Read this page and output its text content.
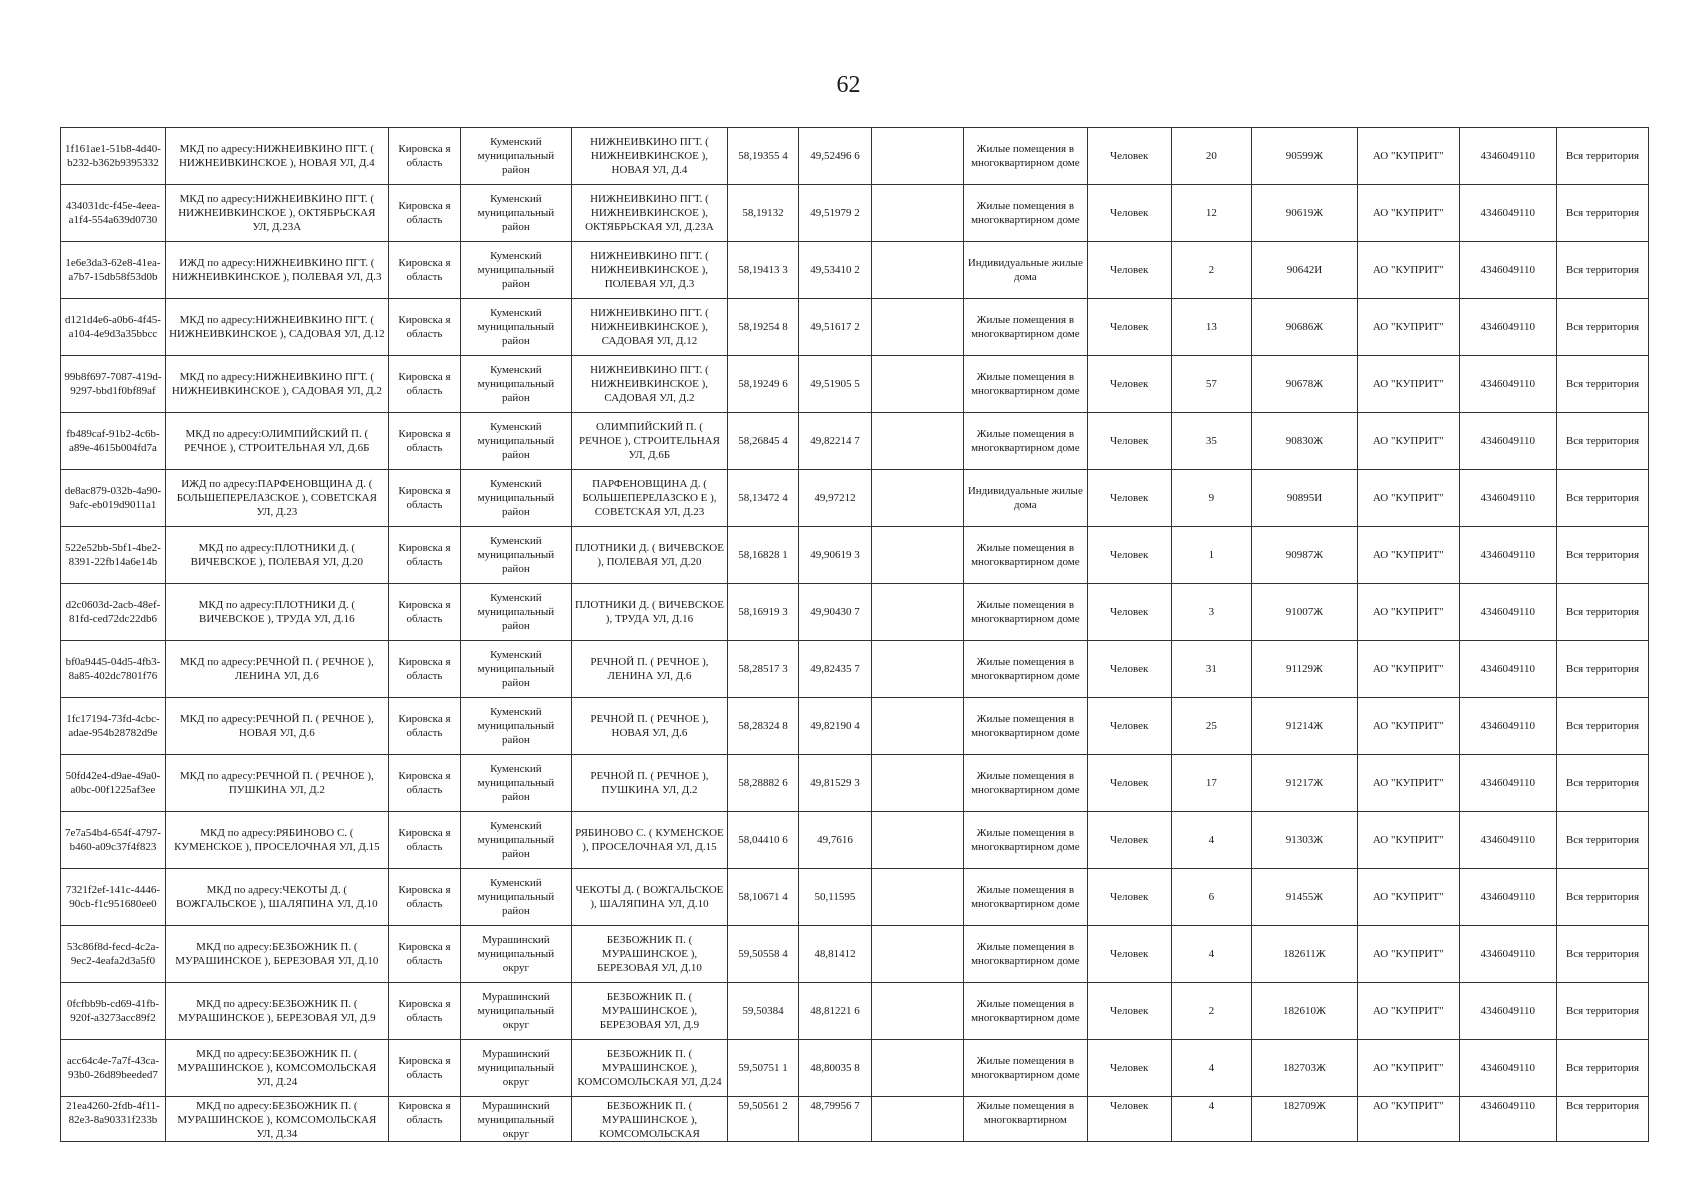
62
1f161ae1-51b8-4d40-b232-b362b9395332	МКД по адресу:НИЖНЕИВКИНО ПГТ. ( НИЖНЕИВКИНСКОЕ ), НОВАЯ УЛ, Д.4	Кировска я область	Куменский муниципальный район	НИЖНЕИВКИНО ПГТ. ( НИЖНЕИВКИНСКОЕ ), НОВАЯ УЛ, Д.4	58,19355 4	49,52496 6		Жилые помещения в многоквартирном доме	Человек	20	90599Ж	АО "КУПРИТ"	4346049110	Вся территория
434031dc-f45e-4eea-a1f4-554a639d0730	МКД по адресу:НИЖНЕИВКИНО ПГТ. ( НИЖНЕИВКИНСКОЕ ), ОКТЯБРЬСКАЯ УЛ, Д.23А	Кировска я область	Куменский муниципальный район	НИЖНЕИВКИНО ПГТ. ( НИЖНЕИВКИНСКОЕ ), ОКТЯБРЬСКАЯ УЛ, Д.23А	58,19132	49,51979 2		Жилые помещения в многоквартирном доме	Человек	12	90619Ж	АО "КУПРИТ"	4346049110	Вся территория
1e6e3da3-62e8-41ea-a7b7-15db58f53d0b	ИЖД по адресу:НИЖНЕИВКИНО ПГТ. ( НИЖНЕИВКИНСКОЕ ), ПОЛЕВАЯ УЛ, Д.3	Кировска я область	Куменский муниципальный район	НИЖНЕИВКИНО ПГТ. ( НИЖНЕИВКИНСКОЕ ), ПОЛЕВАЯ УЛ, Д.3	58,19413 3	49,53410 2		Индивидуальные жилые дома	Человек	2	90642И	АО "КУПРИТ"	4346049110	Вся территория
d121d4e6-a0b6-4f45-a104-4e9d3a35bbcc	МКД по адресу:НИЖНЕИВКИНО ПГТ. ( НИЖНЕИВКИНСКОЕ ), САДОВАЯ УЛ, Д.12	Кировска я область	Куменский муниципальный район	НИЖНЕИВКИНО ПГТ. ( НИЖНЕИВКИНСКОЕ ), САДОВАЯ УЛ, Д.12	58,19254 8	49,51617 2		Жилые помещения в многоквартирном доме	Человек	13	90686Ж	АО "КУПРИТ"	4346049110	Вся территория
99b8f697-7087-419d-9297-bbd1f0bf89af	МКД по адресу:НИЖНЕИВКИНО ПГТ. ( НИЖНЕИВКИНСКОЕ ), САДОВАЯ УЛ, Д.2	Кировска я область	Куменский муниципальный район	НИЖНЕИВКИНО ПГТ. ( НИЖНЕИВКИНСКОЕ ), САДОВАЯ УЛ, Д.2	58,19249 6	49,51905 5		Жилые помещения в многоквартирном доме	Человек	57	90678Ж	АО "КУПРИТ"	4346049110	Вся территория
fb489caf-91b2-4c6b-a89e-4615b004fd7a	МКД по адресу:ОЛИМПИЙСКИЙ П. ( РЕЧНОЕ ), СТРОИТЕЛЬНАЯ УЛ, Д.6Б	Кировска я область	Куменский муниципальный район	ОЛИМПИЙСКИЙ П. ( РЕЧНОЕ ), СТРОИТЕЛЬНАЯ УЛ, Д.6Б	58,26845 4	49,82214 7		Жилые помещения в многоквартирном доме	Человек	35	90830Ж	АО "КУПРИТ"	4346049110	Вся территория
de8ac879-032b-4a90-9afc-eb019d9011a1	ИЖД по адресу:ПАРФЕНОВЩИНА Д. ( БОЛЬШЕПЕРЕЛАЗСКОЕ ), СОВЕТСКАЯ УЛ, Д.23	Кировска я область	Куменский муниципальный район	ПАРФЕНОВЩИНА Д. ( БОЛЬШЕПЕРЕЛАЗСКО Е ), СОВЕТСКАЯ УЛ, Д.23	58,13472 4	49,97212		Индивидуальные жилые дома	Человек	9	90895И	АО "КУПРИТ"	4346049110	Вся территория
522e52bb-5bf1-4be2-8391-22fb14a6e14b	МКД по адресу:ПЛОТНИКИ Д. ( ВИЧЕВСКОЕ ), ПОЛЕВАЯ УЛ, Д.20	Кировска я область	Куменский муниципальный район	ПЛОТНИКИ Д. ( ВИЧЕВСКОЕ ), ПОЛЕВАЯ УЛ, Д.20	58,16828 1	49,90619 3		Жилые помещения в многоквартирном доме	Человек	1	90987Ж	АО "КУПРИТ"	4346049110	Вся территория
d2c0603d-2acb-48ef-81fd-ced72dc22db6	МКД по адресу:ПЛОТНИКИ Д. ( ВИЧЕВСКОЕ ), ТРУДА УЛ, Д.16	Кировска я область	Куменский муниципальный район	ПЛОТНИКИ Д. ( ВИЧЕВСКОЕ ), ТРУДА УЛ, Д.16	58,16919 3	49,90430 7		Жилые помещения в многоквартирном доме	Человек	3	91007Ж	АО "КУПРИТ"	4346049110	Вся территория
bf0a9445-04d5-4fb3-8a85-402dc7801f76	МКД по адресу:РЕЧНОЙ П. ( РЕЧНОЕ ), ЛЕНИНА УЛ, Д.6	Кировска я область	Куменский муниципальный район	РЕЧНОЙ П. ( РЕЧНОЕ ), ЛЕНИНА УЛ, Д.6	58,28517 3	49,82435 7		Жилые помещения в многоквартирном доме	Человек	31	91129Ж	АО "КУПРИТ"	4346049110	Вся территория
1fc17194-73fd-4cbc-adae-954b28782d9e	МКД по адресу:РЕЧНОЙ П. ( РЕЧНОЕ ), НОВАЯ УЛ, Д.6	Кировска я область	Куменский муниципальный район	РЕЧНОЙ П. ( РЕЧНОЕ ), НОВАЯ УЛ, Д.6	58,28324 8	49,82190 4		Жилые помещения в многоквартирном доме	Человек	25	91214Ж	АО "КУПРИТ"	4346049110	Вся территория
50fd42e4-d9ae-49a0-a0bc-00f1225af3ee	МКД по адресу:РЕЧНОЙ П. ( РЕЧНОЕ ), ПУШКИНА УЛ, Д.2	Кировска я область	Куменский муниципальный район	РЕЧНОЙ П. ( РЕЧНОЕ ), ПУШКИНА УЛ, Д.2	58,28882 6	49,81529 3		Жилые помещения в многоквартирном доме	Человек	17	91217Ж	АО "КУПРИТ"	4346049110	Вся территория
7e7a54b4-654f-4797-b460-a09c37f4f823	МКД по адресу:РЯБИНОВО С. ( КУМЕНСКОЕ ), ПРОСЕЛОЧНАЯ УЛ, Д.15	Кировска я область	Куменский муниципальный район	РЯБИНОВО С. ( КУМЕНСКОЕ ), ПРОСЕЛОЧНАЯ УЛ, Д.15	58,04410 6	49,7616		Жилые помещения в многоквартирном доме	Человек	4	91303Ж	АО "КУПРИТ"	4346049110	Вся территория
7321f2ef-141c-4446-90cb-f1c951680ee0	МКД по адресу:ЧЕКОТЫ Д. ( ВОЖГАЛЬСКОЕ ), ШАЛЯПИНА УЛ, Д.10	Кировска я область	Куменский муниципальный район	ЧЕКОТЫ Д. ( ВОЖГАЛЬСКОЕ ), ШАЛЯПИНА УЛ, Д.10	58,10671 4	50,11595		Жилые помещения в многоквартирном доме	Человек	6	91455Ж	АО "КУПРИТ"	4346049110	Вся территория
53c86f8d-fecd-4c2a-9ec2-4eafa2d3a5f0	МКД по адресу:БЕЗБОЖНИК П. ( МУРАШИНСКОЕ ), БЕРЕЗОВАЯ УЛ, Д.10	Кировска я область	Мурашинский муниципальный округ	БЕЗБОЖНИК П. ( МУРАШИНСКОЕ ), БЕРЕЗОВАЯ УЛ, Д.10	59,50558 4	48,81412		Жилые помещения в многоквартирном доме	Человек	4	182611Ж	АО "КУПРИТ"	4346049110	Вся территория
0fcfbb9b-cd69-41fb-920f-a3273acc89f2	МКД по адресу:БЕЗБОЖНИК П. ( МУРАШИНСКОЕ ), БЕРЕЗОВАЯ УЛ, Д.9	Кировска я область	Мурашинский муниципальный округ	БЕЗБОЖНИК П. ( МУРАШИНСКОЕ ), БЕРЕЗОВАЯ УЛ, Д.9	59,50384	48,81221 6		Жилые помещения в многоквартирном доме	Человек	2	182610Ж	АО "КУПРИТ"	4346049110	Вся территория
acc64c4e-7a7f-43ca-93b0-26d89beeded7	МКД по адресу:БЕЗБОЖНИК П. ( МУРАШИНСКОЕ ), КОМСОМОЛЬСКАЯ УЛ, Д.24	Кировска я область	Мурашинский муниципальный округ	БЕЗБОЖНИК П. ( МУРАШИНСКОЕ ), КОМСОМОЛЬСКАЯ УЛ, Д.24	59,50751 1	48,80035 8		Жилые помещения в многоквартирном доме	Человек	4	182703Ж	АО "КУПРИТ"	4346049110	Вся территория
21ea4260-2fdb-4f11-82e3-8a90331f233b	МКД по адресу:БЕЗБОЖНИК П. ( МУРАШИНСКОЕ ), КОМСОМОЛЬСКАЯ УЛ, Д.34	Кировска я область	Мурашинский муниципальный округ	БЕЗБОЖНИК П. ( МУРАШИНСКОЕ ), КОМСОМОЛЬСКАЯ	59,50561 2	48,79956 7		Жилые помещения в многоквартирном	Человек	4	182709Ж	АО "КУПРИТ"	4346049110	Вся территория
